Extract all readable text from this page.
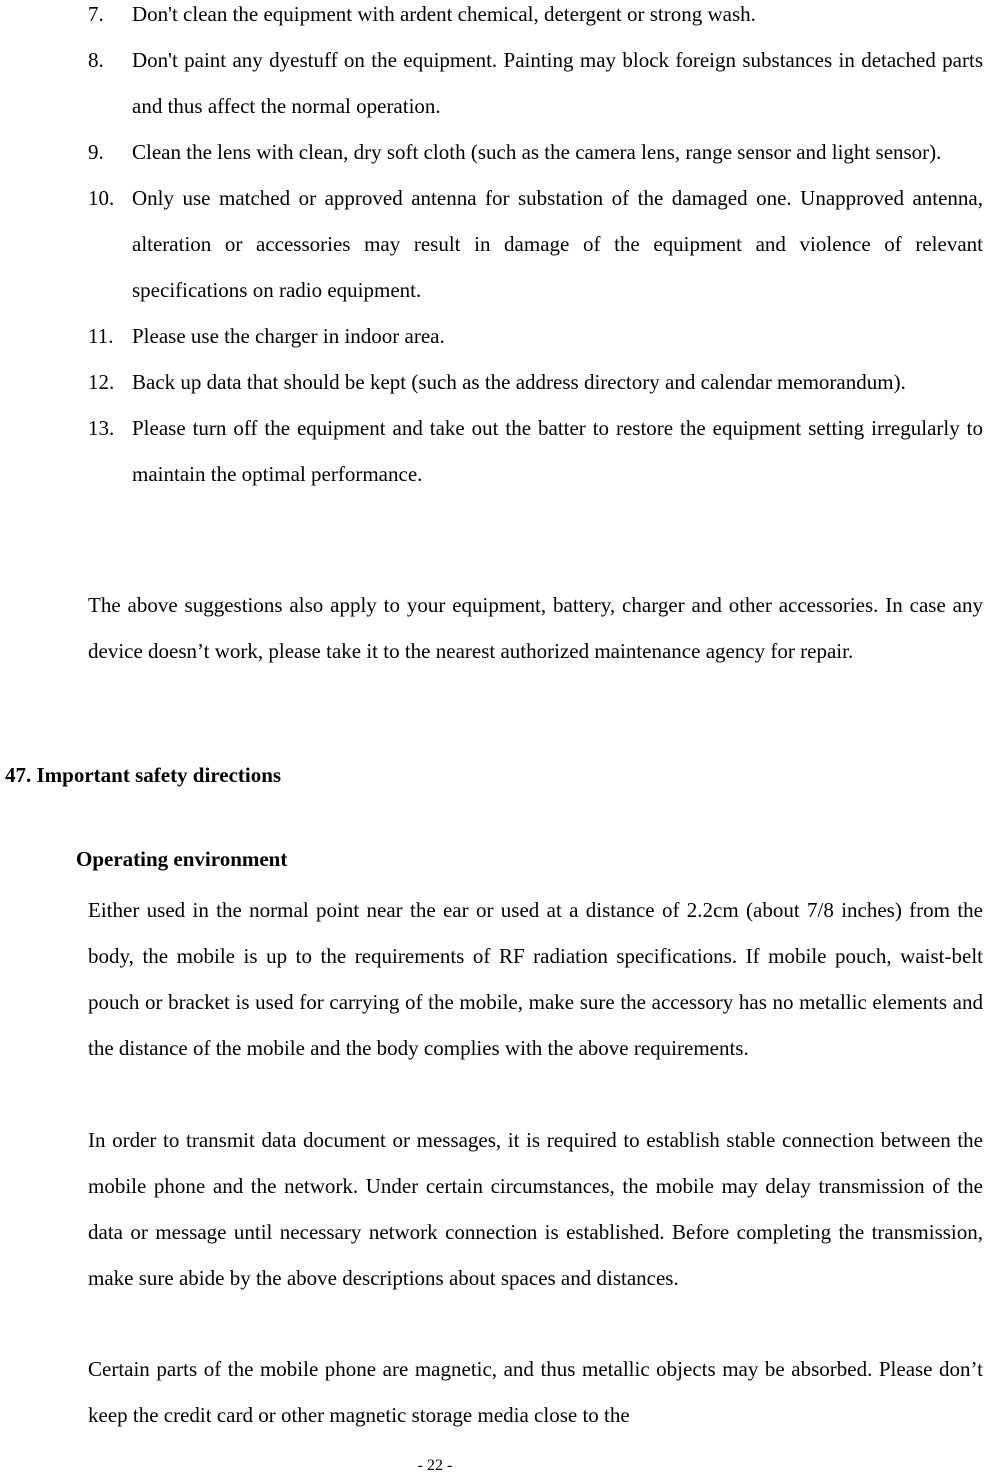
7.	Don't clean the equipment with ardent chemical, detergent or strong wash.
8.	Don't paint any dyestuff on the equipment. Painting may block foreign substances in detached parts and thus affect the normal operation.
9.	Clean the lens with clean, dry soft cloth (such as the camera lens, range sensor and light sensor).
10. Only use matched or approved antenna for substation of the damaged one. Unapproved antenna, alteration or accessories may result in damage of the equipment and violence of relevant specifications on radio equipment.
11. Please use the charger in indoor area.
12. Back up data that should be kept (such as the address directory and calendar memorandum).
13. Please turn off the equipment and take out the batter to restore the equipment setting irregularly to maintain the optimal performance.

The above suggestions also apply to your equipment, battery, charger and other accessories. In case any device doesn’t work, please take it to the nearest authorized maintenance agency for repair.

47. Important safety directions
Operating environment

Either used in the normal point near the ear or used at a distance of 2.2cm (about 7/8 inches) from the body, the mobile is up to the requirements of RF radiation specifications. If mobile pouch, waist-belt pouch or bracket is used for carrying of the mobile, make sure the accessory has no metallic elements and the distance of the mobile and the body complies with the above requirements.

In order to transmit data document or messages, it is required to establish stable connection between the mobile phone and the network. Under certain circumstances, the mobile may delay transmission of the data or message until necessary network connection is established. Before completing the transmission, make sure abide by the above descriptions about spaces and distances.

Certain parts of the mobile phone are magnetic, and thus metallic objects may be absorbed. Please don’t keep the credit card or other magnetic storage media close to the

- 22 -
